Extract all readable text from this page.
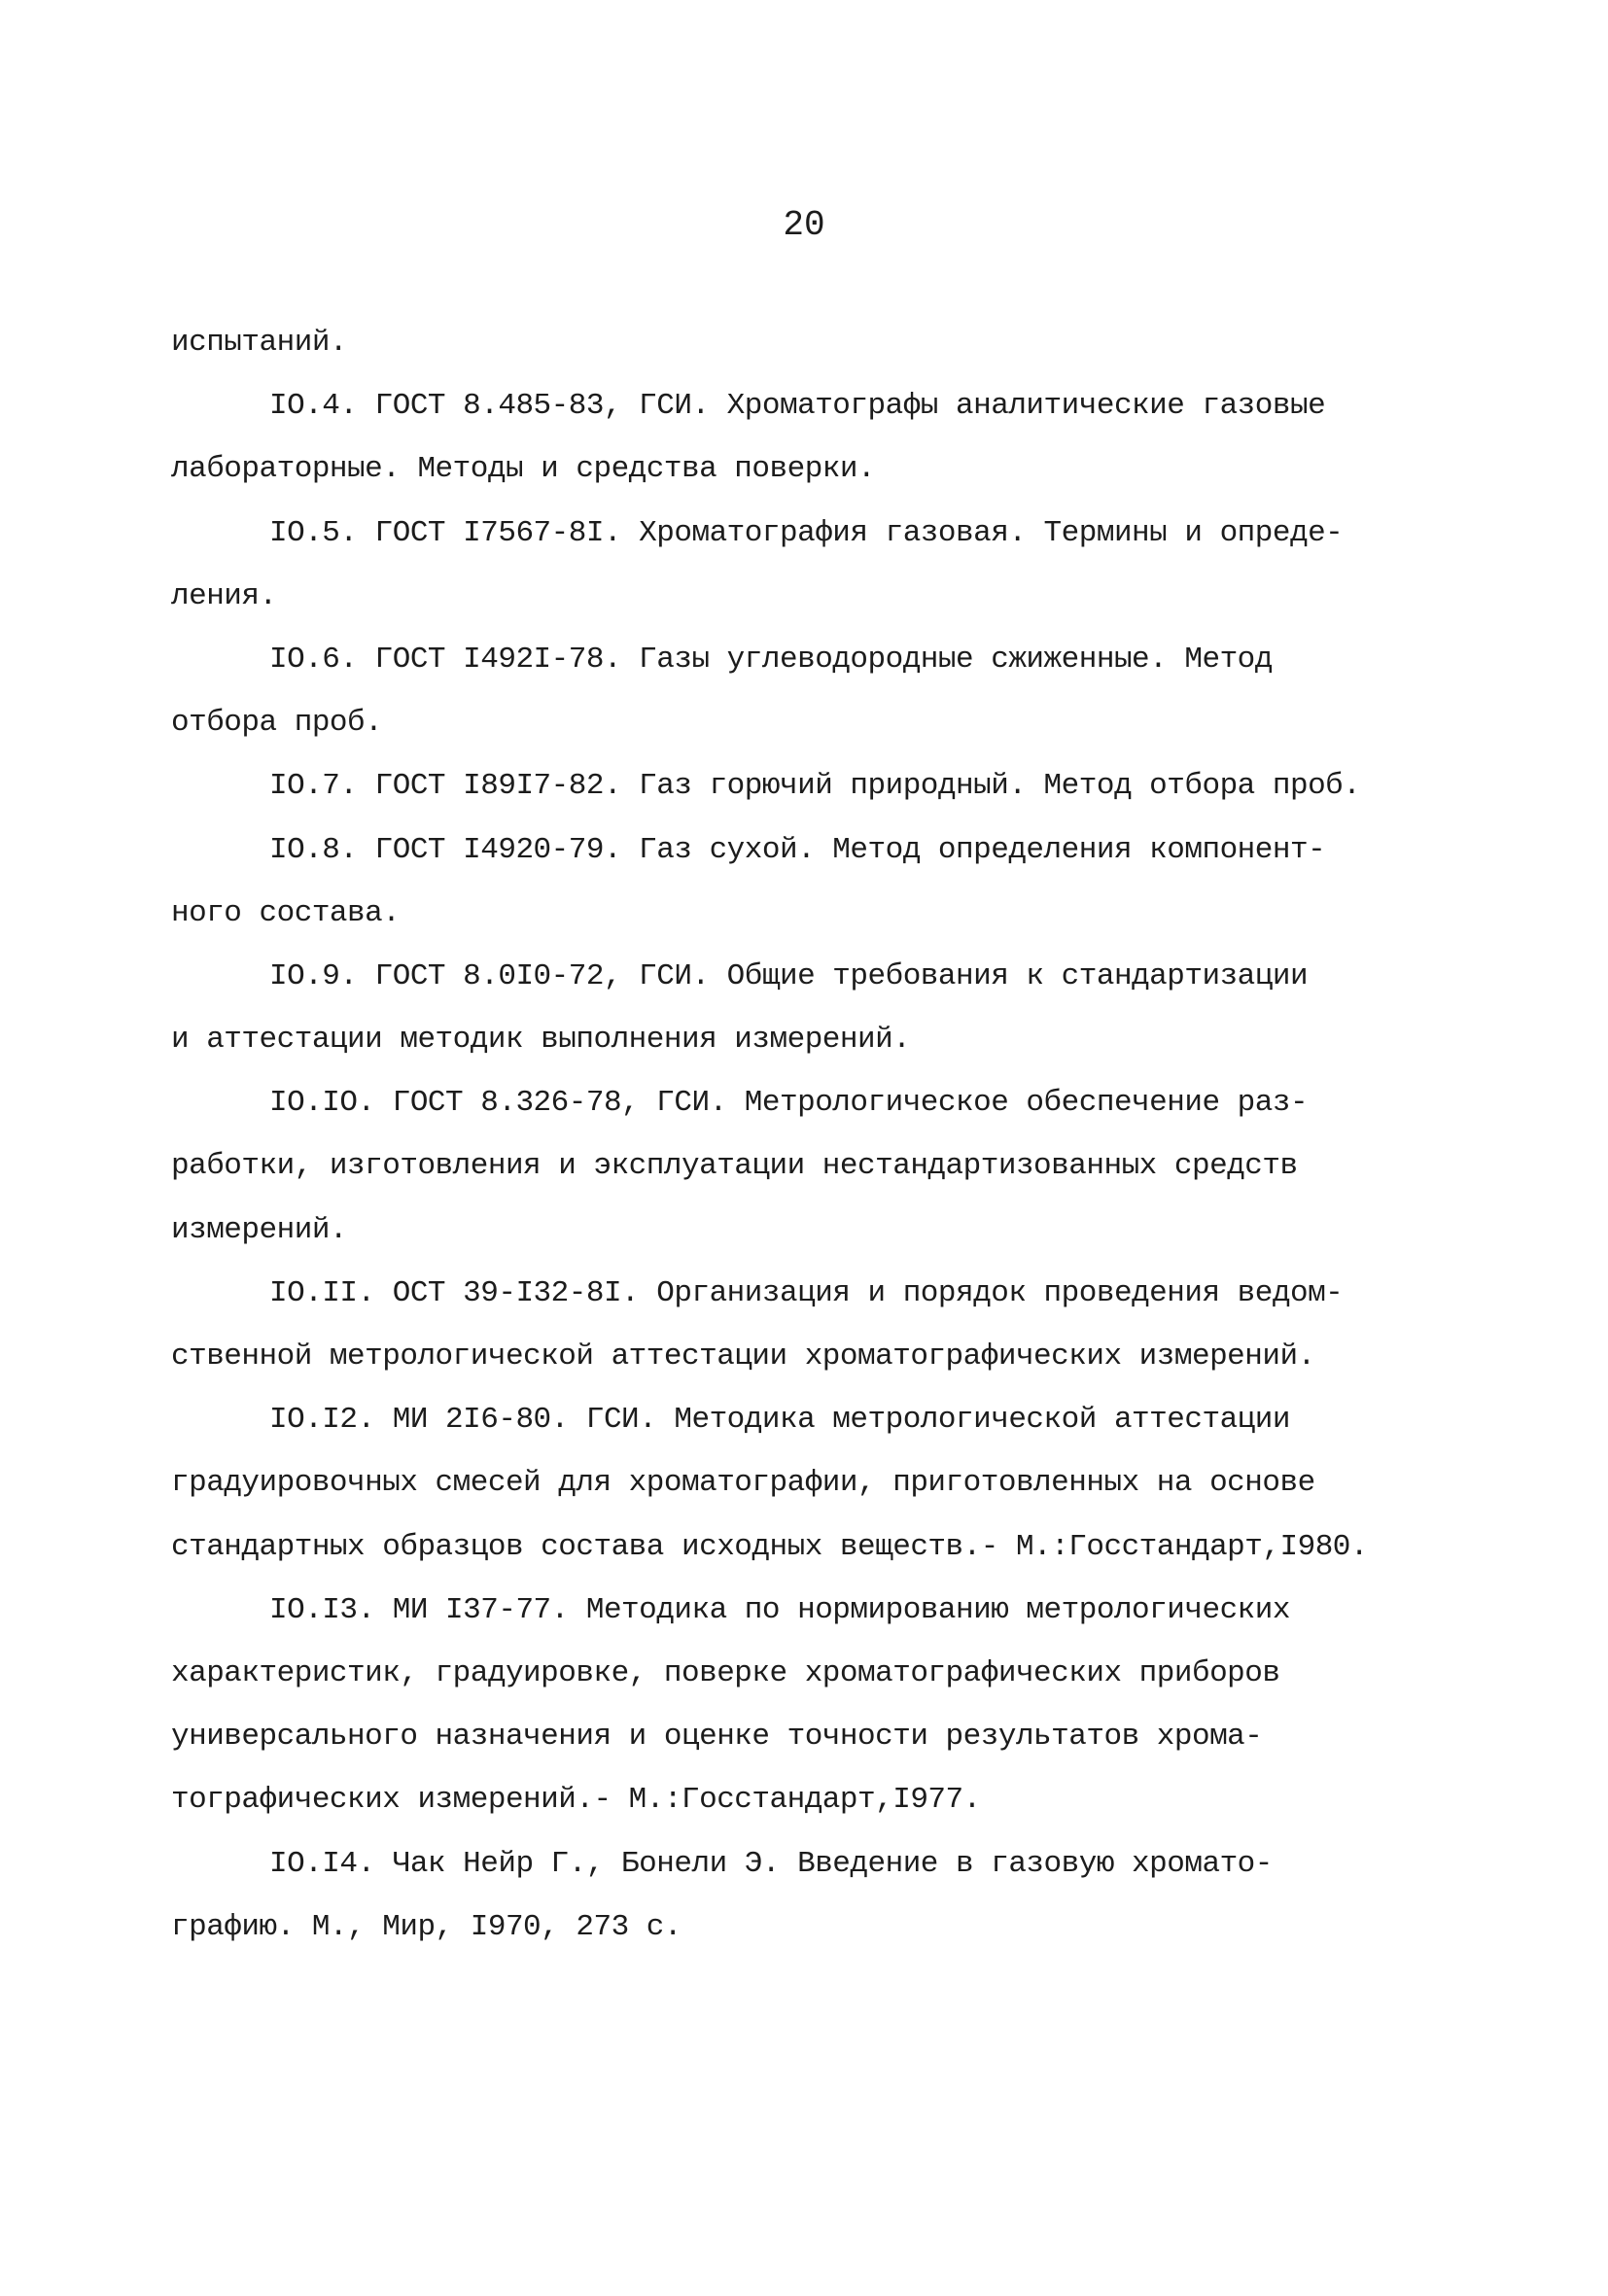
20
испытаний.
IO.4. ГОСТ 8.485-83, ГСИ. Хроматографы аналитические газовые
лабораторные. Методы и средства поверки.
IO.5. ГОСТ I7567-8I. Хроматография газовая. Термины и опреде-
ления.
IO.6. ГОСТ I492I-78. Газы углеводородные сжиженные. Метод
отбора проб.
IO.7. ГОСТ I89I7-82. Газ горючий природный. Метод отбора проб.
IO.8. ГОСТ I4920-79. Газ сухой. Метод определения компонент-
ного состава.
IO.9. ГОСТ 8.0I0-72, ГСИ. Общие требования к стандартизации
и аттестации методик выполнения измерений.
IO.IO. ГОСТ 8.326-78, ГСИ. Метрологическое обеспечение раз-
работки, изготовления и эксплуатации нестандартизованных средств
измерений.
IO.II. ОСТ 39-I32-8I. Организация и порядок проведения ведом-
ственной метрологической аттестации хроматографических измерений.
IO.I2. МИ 2I6-80. ГСИ. Методика метрологической аттестации
градуировочных смесей для хроматографии, приготовленных на основе
стандартных образцов состава исходных веществ.- М.:Госстандарт,I980.
IO.I3. МИ I37-77. Методика по нормированию метрологических
характеристик, градуировке, поверке хроматографических приборов
универсального назначения и оценке точности результатов хрома-
тографических измерений.- М.:Госстандарт,I977.
IO.I4. Чак Нейр Г., Бонели Э. Введение в газовую хромато-
графию. М., Мир, I970, 273 с.
